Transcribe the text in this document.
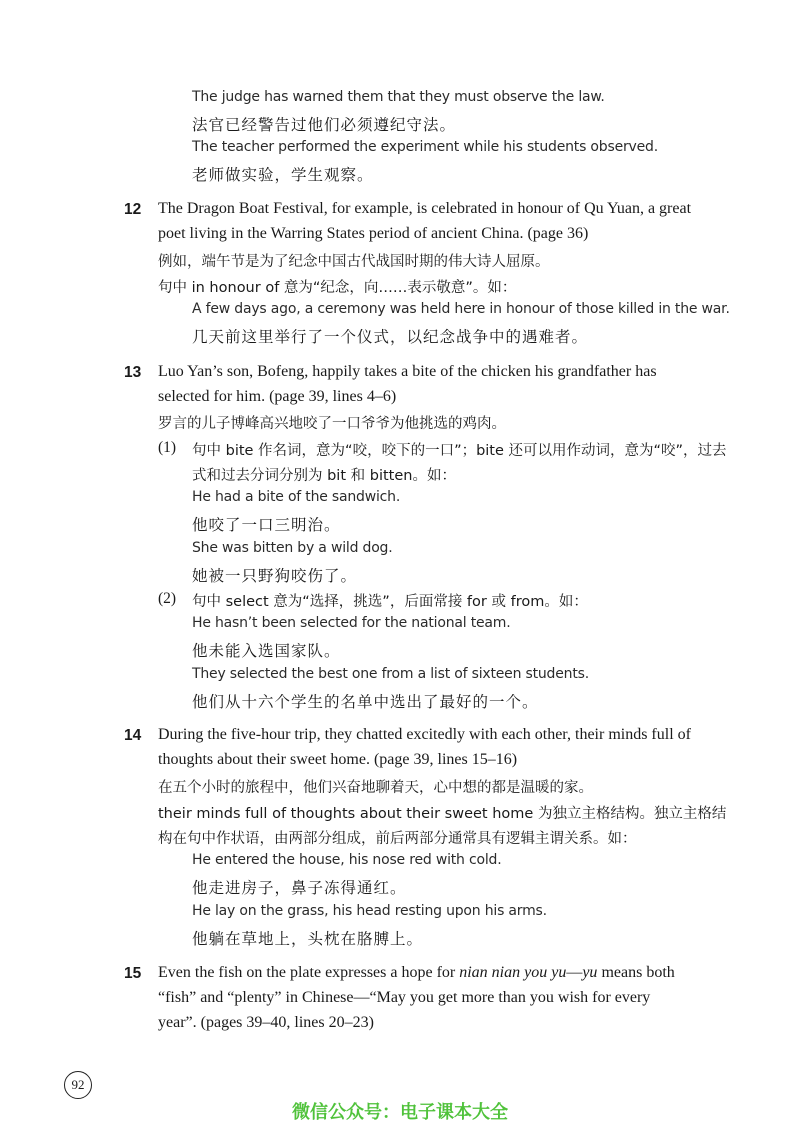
The judge has warned them that they must observe the law.
法官已经警告过他们必须遵纪守法。
The teacher performed the experiment while his students observed.
老师做实验，学生观察。
12 The Dragon Boat Festival, for example, is celebrated in honour of Qu Yuan, a great
poet living in the Warring States period of ancient China. (page 36)
例如，端午节是为了纪念中国古代战国时期的伟大诗人屈原。
句中 in honour of 意为“纪念，向……表示敬意”。如：
A few days ago, a ceremony was held here in honour of those killed in the war.
几天前这里举行了一个仪式，以纪念战争中的遇难者。
13 Luo Yan’s son, Bofeng, happily takes a bite of the chicken his grandfather has
selected for him. (page 39, lines 4–6)
罗言的儿子博峰高兴地咬了一口爷爷为他挑选的鸡肉。
(1) 句中 bite 作名词，意为“咬，咬下的一口”；bite 还可以用作动词，意为“咬”，过去
式和过去分词分别为 bit 和 bitten。如：
He had a bite of the sandwich.
他咬了一口三明治。
She was bitten by a wild dog.
她被一只野狗咬伤了。
(2) 句中 select 意为“选择，挑选”，后面常接 for 或 from。如：
He hasn’t been selected for the national team.
他未能入选国家队。
They selected the best one from a list of sixteen students.
他们从十六个学生的名单中选出了最好的一个。
14 During the five-hour trip, they chatted excitedly with each other, their minds full of
thoughts about their sweet home. (page 39, lines 15–16)
在五个小时的旅程中，他们兴奋地聊着天，心中想的都是温暖的家。
their minds full of thoughts about their sweet home 为独立主格结构。独立主格结
构在句中作状语，由两部分组成，前后两部分通常具有逻辑主谓关系。如：
He entered the house, his nose red with cold.
他走进房子，鼻子冻得通红。
He lay on the grass, his head resting upon his arms.
他躺在草地上，头枕在胳膊上。
15 Even the fish on the plate expresses a hope for nian nian you yu—yu means both
“fish” and “plenty” in Chinese—“May you get more than you wish for every
year”. (pages 39–40, lines 20–23)
92
微信公众号：电子课本大全
